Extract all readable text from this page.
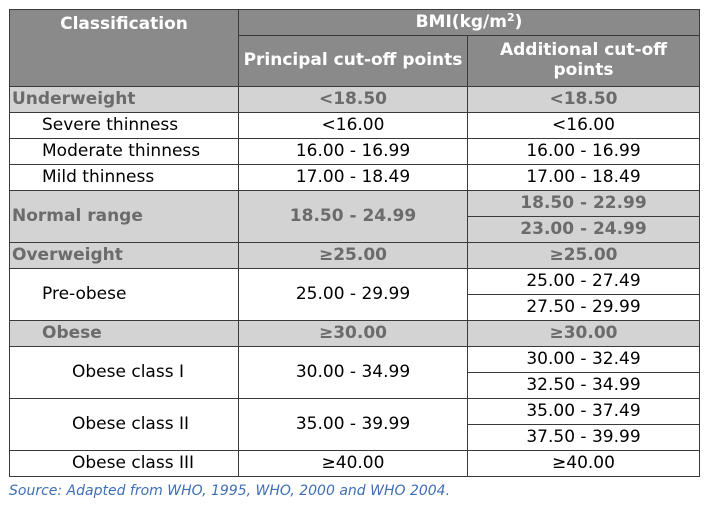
Classification	$BMI(kg/m^2)$	
	Principal cut-off points	Additional cut-off points
Underweight	<18.50	<18.50
Severe thinness	<16.00	<16.00
Moderate thinness	16.00 - 16.99	16.00 - 16.99
Mild thinness	17.00 - 18.49	17.00 - 18.49
Normal range	18.50 - 24.99	18.50 - 22.99
		23.00 - 24.99
Overweight	≥25.00	≥25.00
Pre-obese	25.00 - 29.99	25.00 - 27.49
		27.50 - 29.99
Obese	≥30.00	≥30.00
Obese class I	30.00 - 34.99	30.00 - 32.49
		32.50 - 34.99
Obese class II	35.00 - 39.99	35.00 - 37.49
		37.50 - 39.99
Obese class III	≥40.00	≥40.00
Source: Adapted from WHO, 1995, WHO, 2000 and WHO 2004.
